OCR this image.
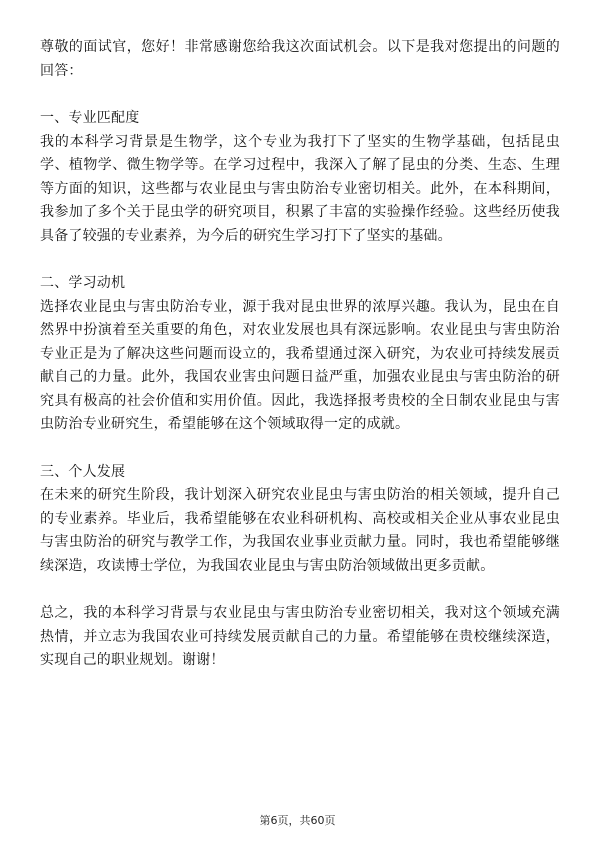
尊敬的面试官，您好！非常感谢您给我这次面试机会。以下是我对您提出的问题的回答：

一、专业匹配度

我的本科学习背景是生物学，这个专业为我打下了坚实的生物学基础，包括昆虫学、植物学、微生物学等。在学习过程中，我深入了解了昆虫的分类、生态、生理等方面的知识，这些都与农业昆虫与害虫防治专业密切相关。此外，在本科期间，我参加了多个关于昆虫学的研究项目，积累了丰富的实验操作经验。这些经历使我具备了较强的专业素养，为今后的研究生学习打下了坚实的基础。

二、学习动机

选择农业昆虫与害虫防治专业，源于我对昆虫世界的浓厚兴趣。我认为，昆虫在自然界中扮演着至关重要的角色，对农业发展也具有深远影响。农业昆虫与害虫防治专业正是为了解决这些问题而设立的，我希望通过深入研究，为农业可持续发展贡献自己的力量。此外，我国农业害虫问题日益严重，加强农业昆虫与害虫防治的研究具有极高的社会价值和实用价值。因此，我选择报考贵校的全日制农业昆虫与害虫防治专业研究生，希望能够在这个领域取得一定的成就。

三、个人发展

在未来的研究生阶段，我计划深入研究农业昆虫与害虫防治的相关领域，提升自己的专业素养。毕业后，我希望能够在农业科研机构、高校或相关企业从事农业昆虫与害虫防治的研究与教学工作，为我国农业事业贡献力量。同时，我也希望能够继续深造，攻读博士学位，为我国农业昆虫与害虫防治领域做出更多贡献。

总之，我的本科学习背景与农业昆虫与害虫防治专业密切相关，我对这个领域充满热情，并立志为我国农业可持续发展贡献自己的力量。希望能够在贵校继续深造，实现自己的职业规划。谢谢！

第6页，共60页
